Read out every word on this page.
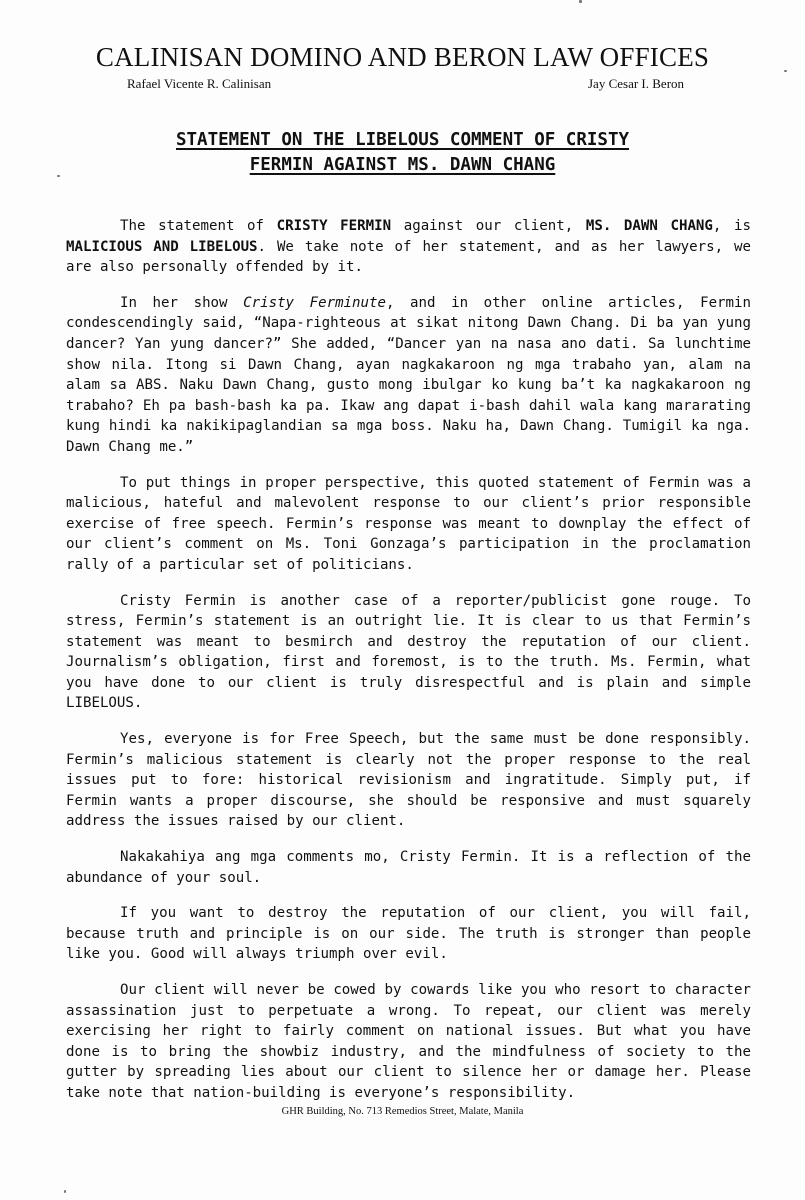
CALINISAN DOMINO AND BERON LAW OFFICES
Rafael Vicente R. Calinisan	Jay Cesar I. Beron
STATEMENT ON THE LIBELOUS COMMENT OF CRISTY
FERMIN AGAINST MS. DAWN CHANG

The statement of CRISTY FERMIN against our client, MS. DAWN CHANG, is MALICIOUS AND LIBELOUS. We take note of her statement, and as her lawyers, we are also personally offended by it.

In her show Cristy Ferminute, and in other online articles, Fermin condescendingly said, “Napa-righteous at sikat nitong Dawn Chang. Di ba yan yung dancer? Yan yung dancer?” She added, “Dancer yan na nasa ano dati. Sa lunchtime show nila. Itong si Dawn Chang, ayan nagkakaroon ng mga trabaho yan, alam na alam sa ABS. Naku Dawn Chang, gusto mong ibulgar ko kung ba’t ka nagkakaroon ng trabaho? Eh pa bash-bash ka pa. Ikaw ang dapat i-bash dahil wala kang mararating kung hindi ka nakikipaglandian sa mga boss. Naku ha, Dawn Chang. Tumigil ka nga. Dawn Chang me.”

To put things in proper perspective, this quoted statement of Fermin was a malicious, hateful and malevolent response to our client’s prior responsible exercise of free speech. Fermin’s response was meant to downplay the effect of our client’s comment on Ms. Toni Gonzaga’s participation in the proclamation rally of a particular set of politicians.

Cristy Fermin is another case of a reporter/publicist gone rouge. To stress, Fermin’s statement is an outright lie. It is clear to us that Fermin’s statement was meant to besmirch and destroy the reputation of our client. Journalism’s obligation, first and foremost, is to the truth. Ms. Fermin, what you have done to our client is truly disrespectful and is plain and simple LIBELOUS.

Yes, everyone is for Free Speech, but the same must be done responsibly. Fermin’s malicious statement is clearly not the proper response to the real issues put to fore: historical revisionism and ingratitude. Simply put, if Fermin wants a proper discourse, she should be responsive and must squarely address the issues raised by our client.

Nakakahiya ang mga comments mo, Cristy Fermin. It is a reflection of the abundance of your soul.

If you want to destroy the reputation of our client, you will fail, because truth and principle is on our side. The truth is stronger than people like you. Good will always triumph over evil.

Our client will never be cowed by cowards like you who resort to character assassination just to perpetuate a wrong. To repeat, our client was merely exercising her right to fairly comment on national issues. But what you have done is to bring the showbiz industry, and the mindfulness of society to the gutter by spreading lies about our client to silence her or damage her. Please take note that nation-building is everyone’s responsibility.

GHR Building, No. 713 Remedios Street, Malate, Manila
